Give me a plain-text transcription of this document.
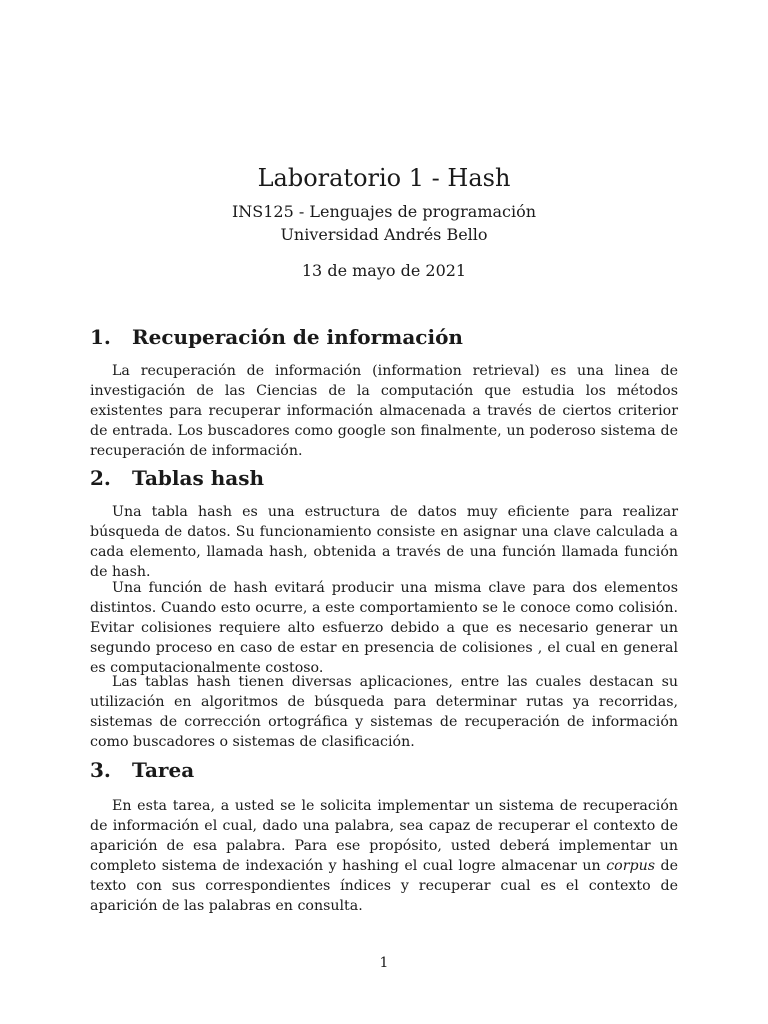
Laboratorio 1 - Hash
INS125 - Lenguajes de programación
Universidad Andrés Bello
13 de mayo de 2021
1. Recuperación de información

La recuperación de información (information retrieval) es una linea de investigación de las Ciencias de la computación que estudia los métodos existentes para recuperar información almacenada a través de ciertos criterior de entrada. Los buscadores como google son finalmente, un poderoso sistema de recuperación de información.

2. Tablas hash

Una tabla hash es una estructura de datos muy eficiente para realizar búsqueda de datos. Su funcionamiento consiste en asignar una clave calculada a cada elemento, llamada hash, obtenida a través de una función llamada función de hash.

Una función de hash evitará producir una misma clave para dos elementos distintos. Cuando esto ocurre, a este comportamiento se le conoce como colisión. Evitar colisiones requiere alto esfuerzo debido a que es necesario generar un segundo proceso en caso de estar en presencia de colisiones , el cual en general es computacionalmente costoso.

Las tablas hash tienen diversas aplicaciones, entre las cuales destacan su utilización en algoritmos de búsqueda para determinar rutas ya recorridas, sistemas de corrección ortográfica y sistemas de recuperación de información como buscadores o sistemas de clasificación.

3. Tarea

En esta tarea, a usted se le solicita implementar un sistema de recuperación de información el cual, dado una palabra, sea capaz de recuperar el contexto de aparición de esa palabra. Para ese propósito, usted deberá implementar un completo sistema de indexación y hashing el cual logre almacenar un corpus de texto con sus correspondientes índices y recuperar cual es el contexto de aparición de las palabras en consulta.

1
